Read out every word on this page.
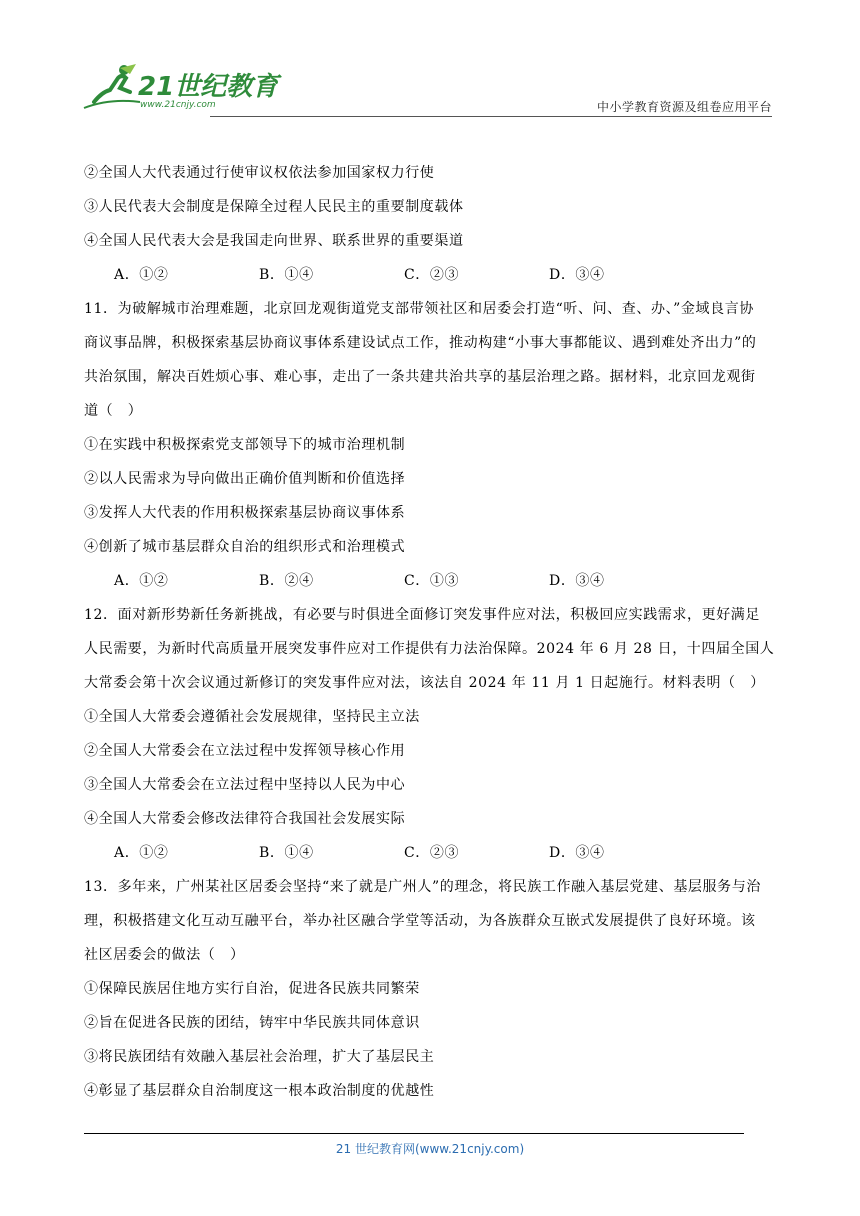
21世纪教育
www.21cnjy.com	中小学教育资源及组卷应用平台
②全国人大代表通过行使审议权依法参加国家权力行使
③人民代表大会制度是保障全过程人民民主的重要制度载体
④全国人民代表大会是我国走向世界、联系世界的重要渠道
A．①②	B．①④	C．②③	D．③④
11．为破解城市治理难题，北京回龙观街道党支部带领社区和居委会打造“听、问、查、办、”金域良言协
商议事品牌，积极探索基层协商议事体系建设试点工作，推动构建“小事大事都能议、遇到难处齐出力”的
共治氛围，解决百姓烦心事、难心事，走出了一条共建共治共享的基层治理之路。据材料，北京回龙观街
道（　）
①在实践中积极探索党支部领导下的城市治理机制
②以人民需求为导向做出正确价值判断和价值选择
③发挥人大代表的作用积极探索基层协商议事体系
④创新了城市基层群众自治的组织形式和治理模式
A．①②	B．②④	C．①③	D．③④
12．面对新形势新任务新挑战，有必要与时俱进全面修订突发事件应对法，积极回应实践需求，更好满足
人民需要，为新时代高质量开展突发事件应对工作提供有力法治保障。2024 年 6 月 28 日，十四届全国人
大常委会第十次会议通过新修订的突发事件应对法，该法自 2024 年 11 月 1 日起施行。材料表明（　）
①全国人大常委会遵循社会发展规律，坚持民主立法
②全国人大常委会在立法过程中发挥领导核心作用
③全国人大常委会在立法过程中坚持以人民为中心
④全国人大常委会修改法律符合我国社会发展实际
A．①②	B．①④	C．②③	D．③④
13．多年来，广州某社区居委会坚持“来了就是广州人”的理念，将民族工作融入基层党建、基层服务与治
理，积极搭建文化互动互融平台，举办社区融合学堂等活动，为各族群众互嵌式发展提供了良好环境。该
社区居委会的做法（　）
①保障民族居住地方实行自治，促进各民族共同繁荣
②旨在促进各民族的团结，铸牢中华民族共同体意识
③将民族团结有效融入基层社会治理，扩大了基层民主
④彰显了基层群众自治制度这一根本政治制度的优越性
21 世纪教育网(www.21cnjy.com)
